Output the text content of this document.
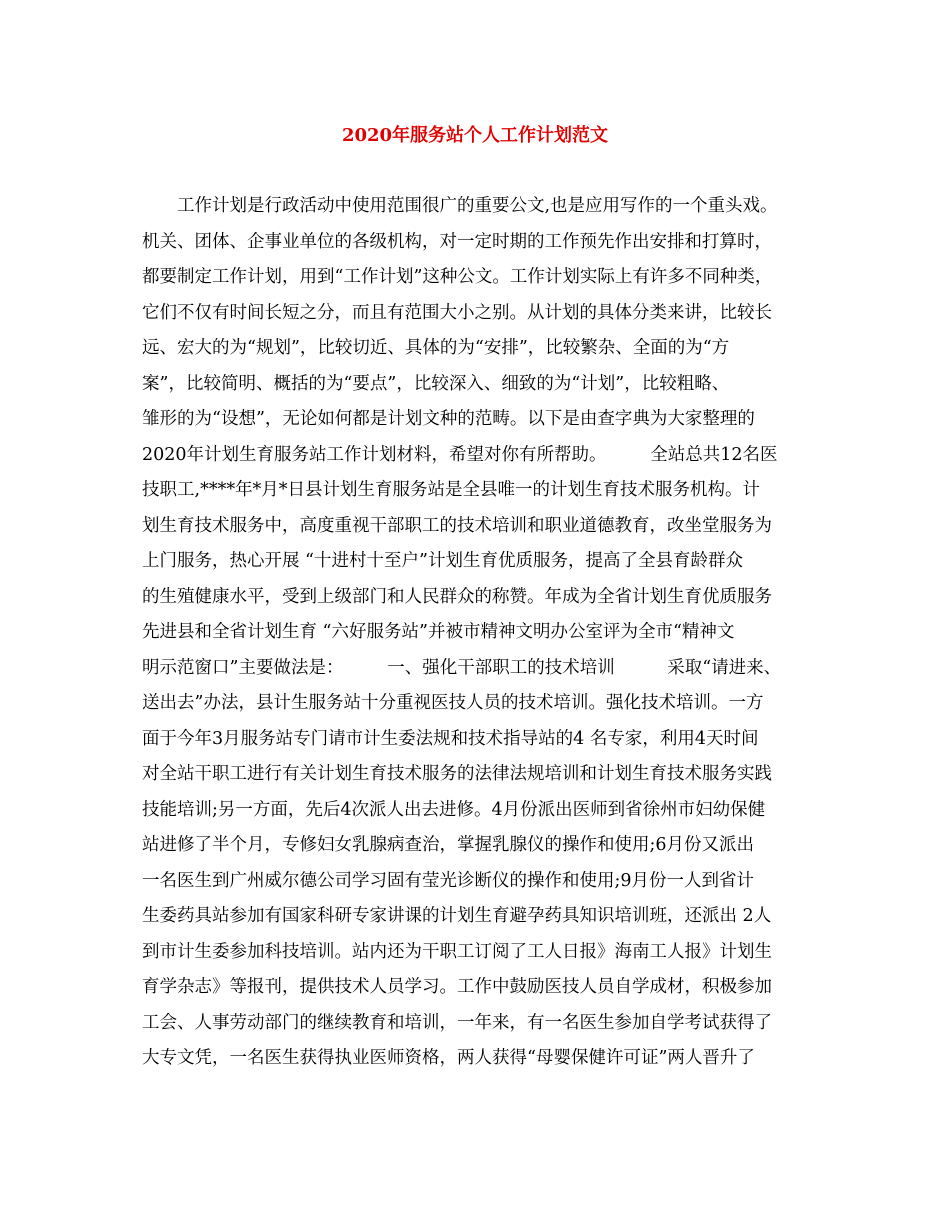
2020年服务站个人工作计划范文
　　工作计划是行政活动中使用范围很广的重要公文,也是应用写作的一个重头戏。
机关、团体、企事业单位的各级机构，对一定时期的工作预先作出安排和打算时，
都要制定工作计划，用到“工作计划”这种公文。工作计划实际上有许多不同种类，
它们不仅有时间长短之分，而且有范围大小之别。从计划的具体分类来讲，比较长
远、宏大的为“规划”，比较切近、具体的为“安排”，比较繁杂、全面的为“方
案”，比较简明、概括的为“要点”，比较深入、细致的为“计划”，比较粗略、
雏形的为“设想”，无论如何都是计划文种的范畴。以下是由查字典为大家整理的
2020年计划生育服务站工作计划材料，希望对你有所帮助。　　　全站总共12名医
技职工,****年*月*日县计划生育服务站是全县唯一的计划生育技术服务机构。计
划生育技术服务中，高度重视干部职工的技术培训和职业道德教育，改坐堂服务为
上门服务，热心开展 “十进村十至户”计划生育优质服务，提高了全县育龄群众
的生殖健康水平，受到上级部门和人民群众的称赞。年成为全省计划生育优质服务
先进县和全省计划生育 “六好服务站”并被市精神文明办公室评为全市“精神文
明示范窗口”主要做法是：　　　一、强化干部职工的技术培训　　　采取“请进来、
送出去”办法，县计生服务站十分重视医技人员的技术培训。强化技术培训。一方
面于今年3月服务站专门请市计生委法规和技术指导站的4 名专家，利用4天时间
对全站干职工进行有关计划生育技术服务的法律法规培训和计划生育技术服务实践
技能培训;另一方面，先后4次派人出去进修。4月份派出医师到省徐州市妇幼保健
站进修了半个月，专修妇女乳腺病查治，掌握乳腺仪的操作和使用;6月份又派出
一名医生到广州威尔德公司学习固有莹光诊断仪的操作和使用;9月份一人到省计
生委药具站参加有国家科研专家讲课的计划生育避孕药具知识培训班，还派出 2人
到市计生委参加科技培训。站内还为干职工订阅了工人日报》海南工人报》计划生
育学杂志》等报刊，提供技术人员学习。工作中鼓励医技人员自学成材，积极参加
工会、人事劳动部门的继续教育和培训，一年来，有一名医生参加自学考试获得了
大专文凭，一名医生获得执业医师资格，两人获得“母婴保健许可证”两人晋升了
